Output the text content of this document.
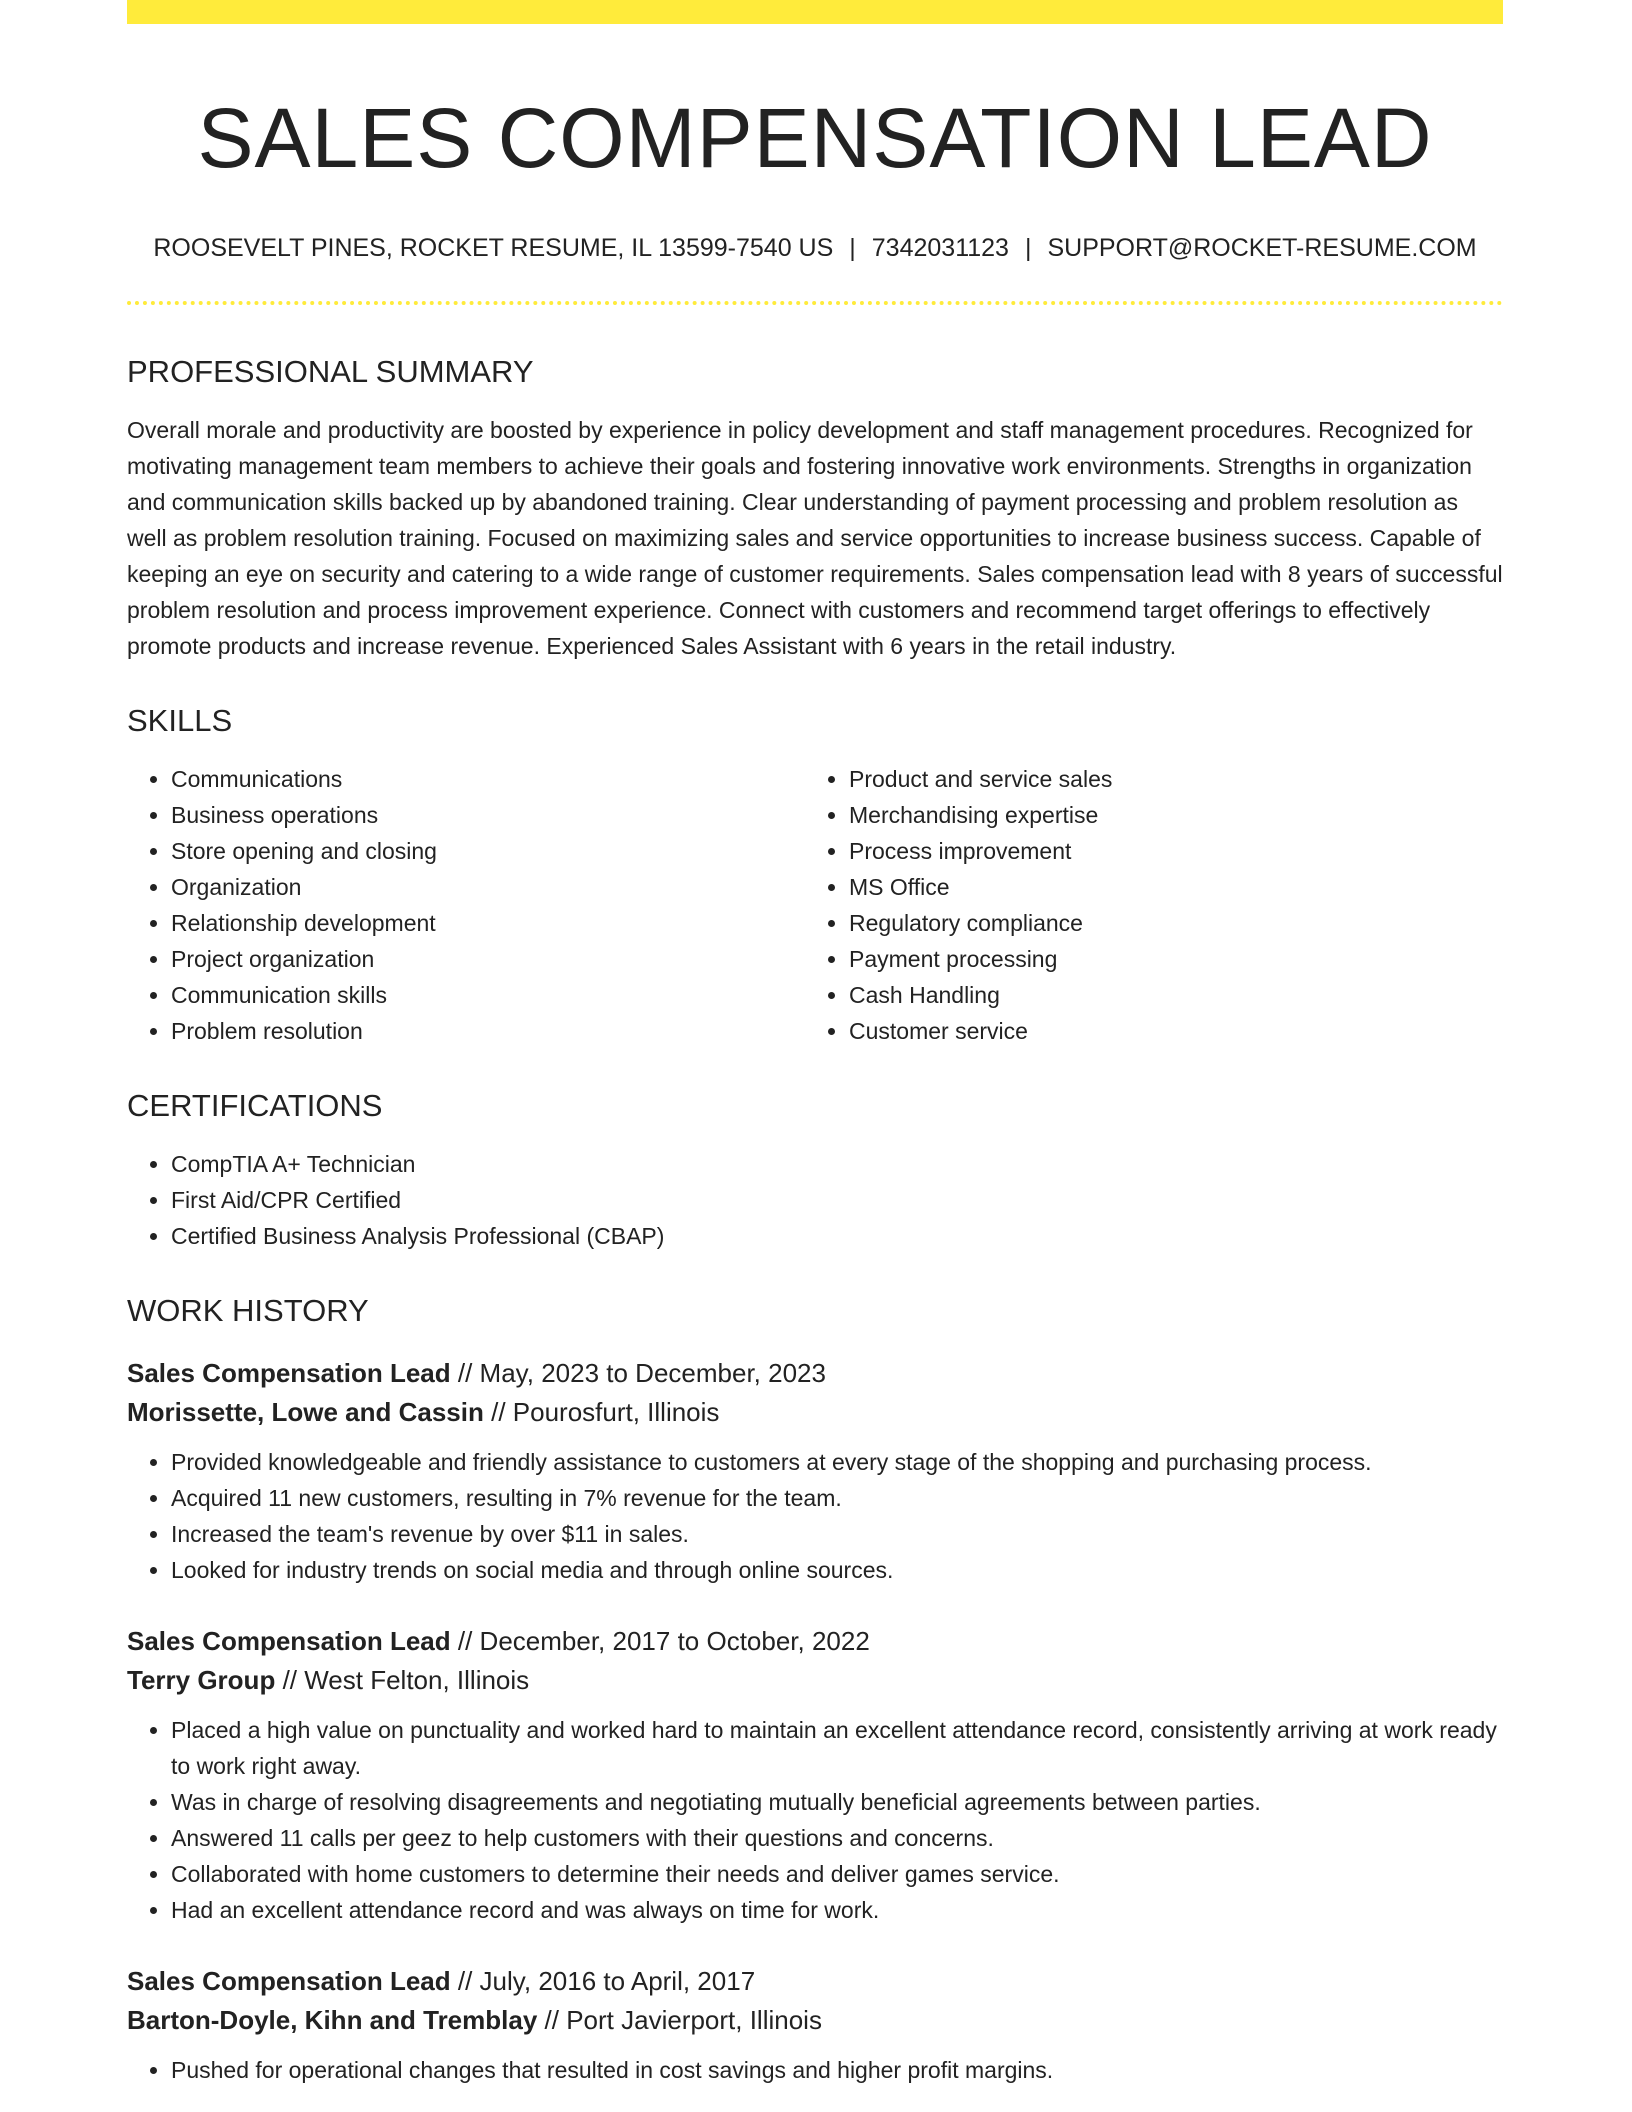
SALES COMPENSATION LEAD
ROOSEVELT PINES, ROCKET RESUME, IL 13599-7540 US | 7342031123 | SUPPORT@ROCKET-RESUME.COM
PROFESSIONAL SUMMARY

Overall morale and productivity are boosted by experience in policy development and staff management procedures. Recognized for motivating management team members to achieve their goals and fostering innovative work environments. Strengths in organization and communication skills backed up by abandoned training. Clear understanding of payment processing and problem resolution as well as problem resolution training. Focused on maximizing sales and service opportunities to increase business success. Capable of keeping an eye on security and catering to a wide range of customer requirements. Sales compensation lead with 8 years of successful problem resolution and process improvement experience. Connect with customers and recommend target offerings to effectively promote products and increase revenue. Experienced Sales Assistant with 6 years in the retail industry.

SKILLS
• Communications
• Business operations
• Store opening and closing
• Organization
• Relationship development
• Project organization
• Communication skills
• Problem resolution
• Product and service sales
• Merchandising expertise
• Process improvement
• MS Office
• Regulatory compliance
• Payment processing
• Cash Handling
• Customer service
CERTIFICATIONS
• CompTIA A+ Technician
• First Aid/CPR Certified
• Certified Business Analysis Professional (CBAP)
WORK HISTORY
Sales Compensation Lead // May, 2023 to December, 2023
Morissette, Lowe and Cassin // Pourosfurt, Illinois
• Provided knowledgeable and friendly assistance to customers at every stage of the shopping and purchasing process.
• Acquired 11 new customers, resulting in 7% revenue for the team.
• Increased the team's revenue by over $11 in sales.
• Looked for industry trends on social media and through online sources.
Sales Compensation Lead // December, 2017 to October, 2022
Terry Group // West Felton, Illinois
• Placed a high value on punctuality and worked hard to maintain an excellent attendance record, consistently arriving at work ready to work right away.
• Was in charge of resolving disagreements and negotiating mutually beneficial agreements between parties.
• Answered 11 calls per geez to help customers with their questions and concerns.
• Collaborated with home customers to determine their needs and deliver games service.
• Had an excellent attendance record and was always on time for work.
Sales Compensation Lead // July, 2016 to April, 2017
Barton-Doyle, Kihn and Tremblay // Port Javierport, Illinois
• Pushed for operational changes that resulted in cost savings and higher profit margins.
